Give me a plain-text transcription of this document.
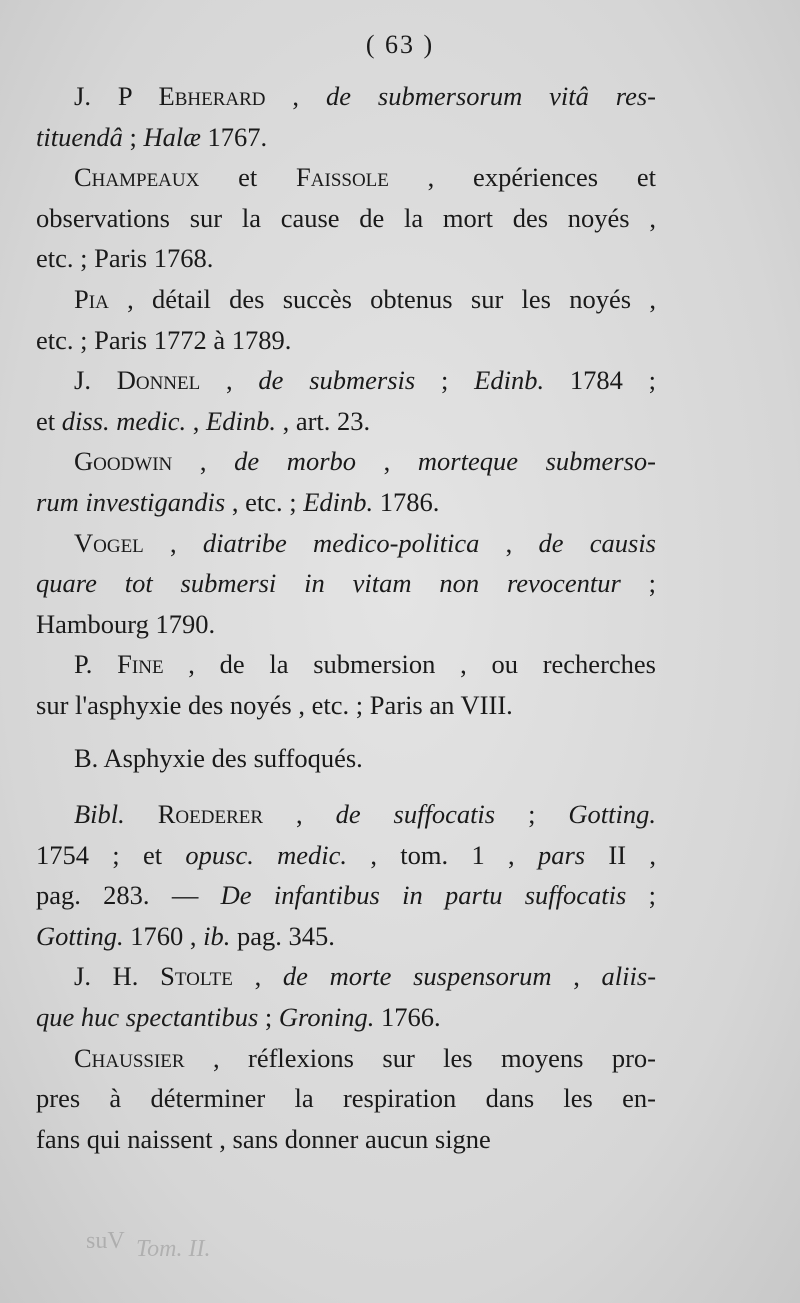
( 63 )
J. P Ebherard , de submersorum vitâ res-
tituendâ ; Halæ 1767.
Champeaux et Faissole , expériences et
observations sur la cause de la mort des noyés ,
etc. ; Paris 1768.
Pia , détail des succès obtenus sur les noyés ,
etc. ; Paris 1772 à 1789.
J. Donnel , de submersis ; Edinb. 1784 ;
et diss. medic. , Edinb. , art. 23.
Goodwin , de morbo , morteque submerso-
rum investigandis , etc. ; Edinb. 1786.
Vogel , diatribe medico-politica , de causis
quare tot submersi in vitam non revocentur ;
Hambourg 1790.
P. Fine , de la submersion , ou recherches
sur l'asphyxie des noyés , etc. ; Paris an VIII.
B. Asphyxie des suffoqués.
Bibl. Roederer , de suffocatis ; Gotting.
1754 ; et opusc. medic. , tom. 1 , pars II ,
pag. 283. — De infantibus in partu suffocatis ;
Gotting. 1760 , ib. pag. 345.
J. H. Stolte , de morte suspensorum , aliis-
que huc spectantibus ; Groning. 1766.
Chaussier , réflexions sur les moyens pro-
pres à déterminer la respiration dans les en-
fans qui naissent , sans donner aucun signe
suV Tom. II.
